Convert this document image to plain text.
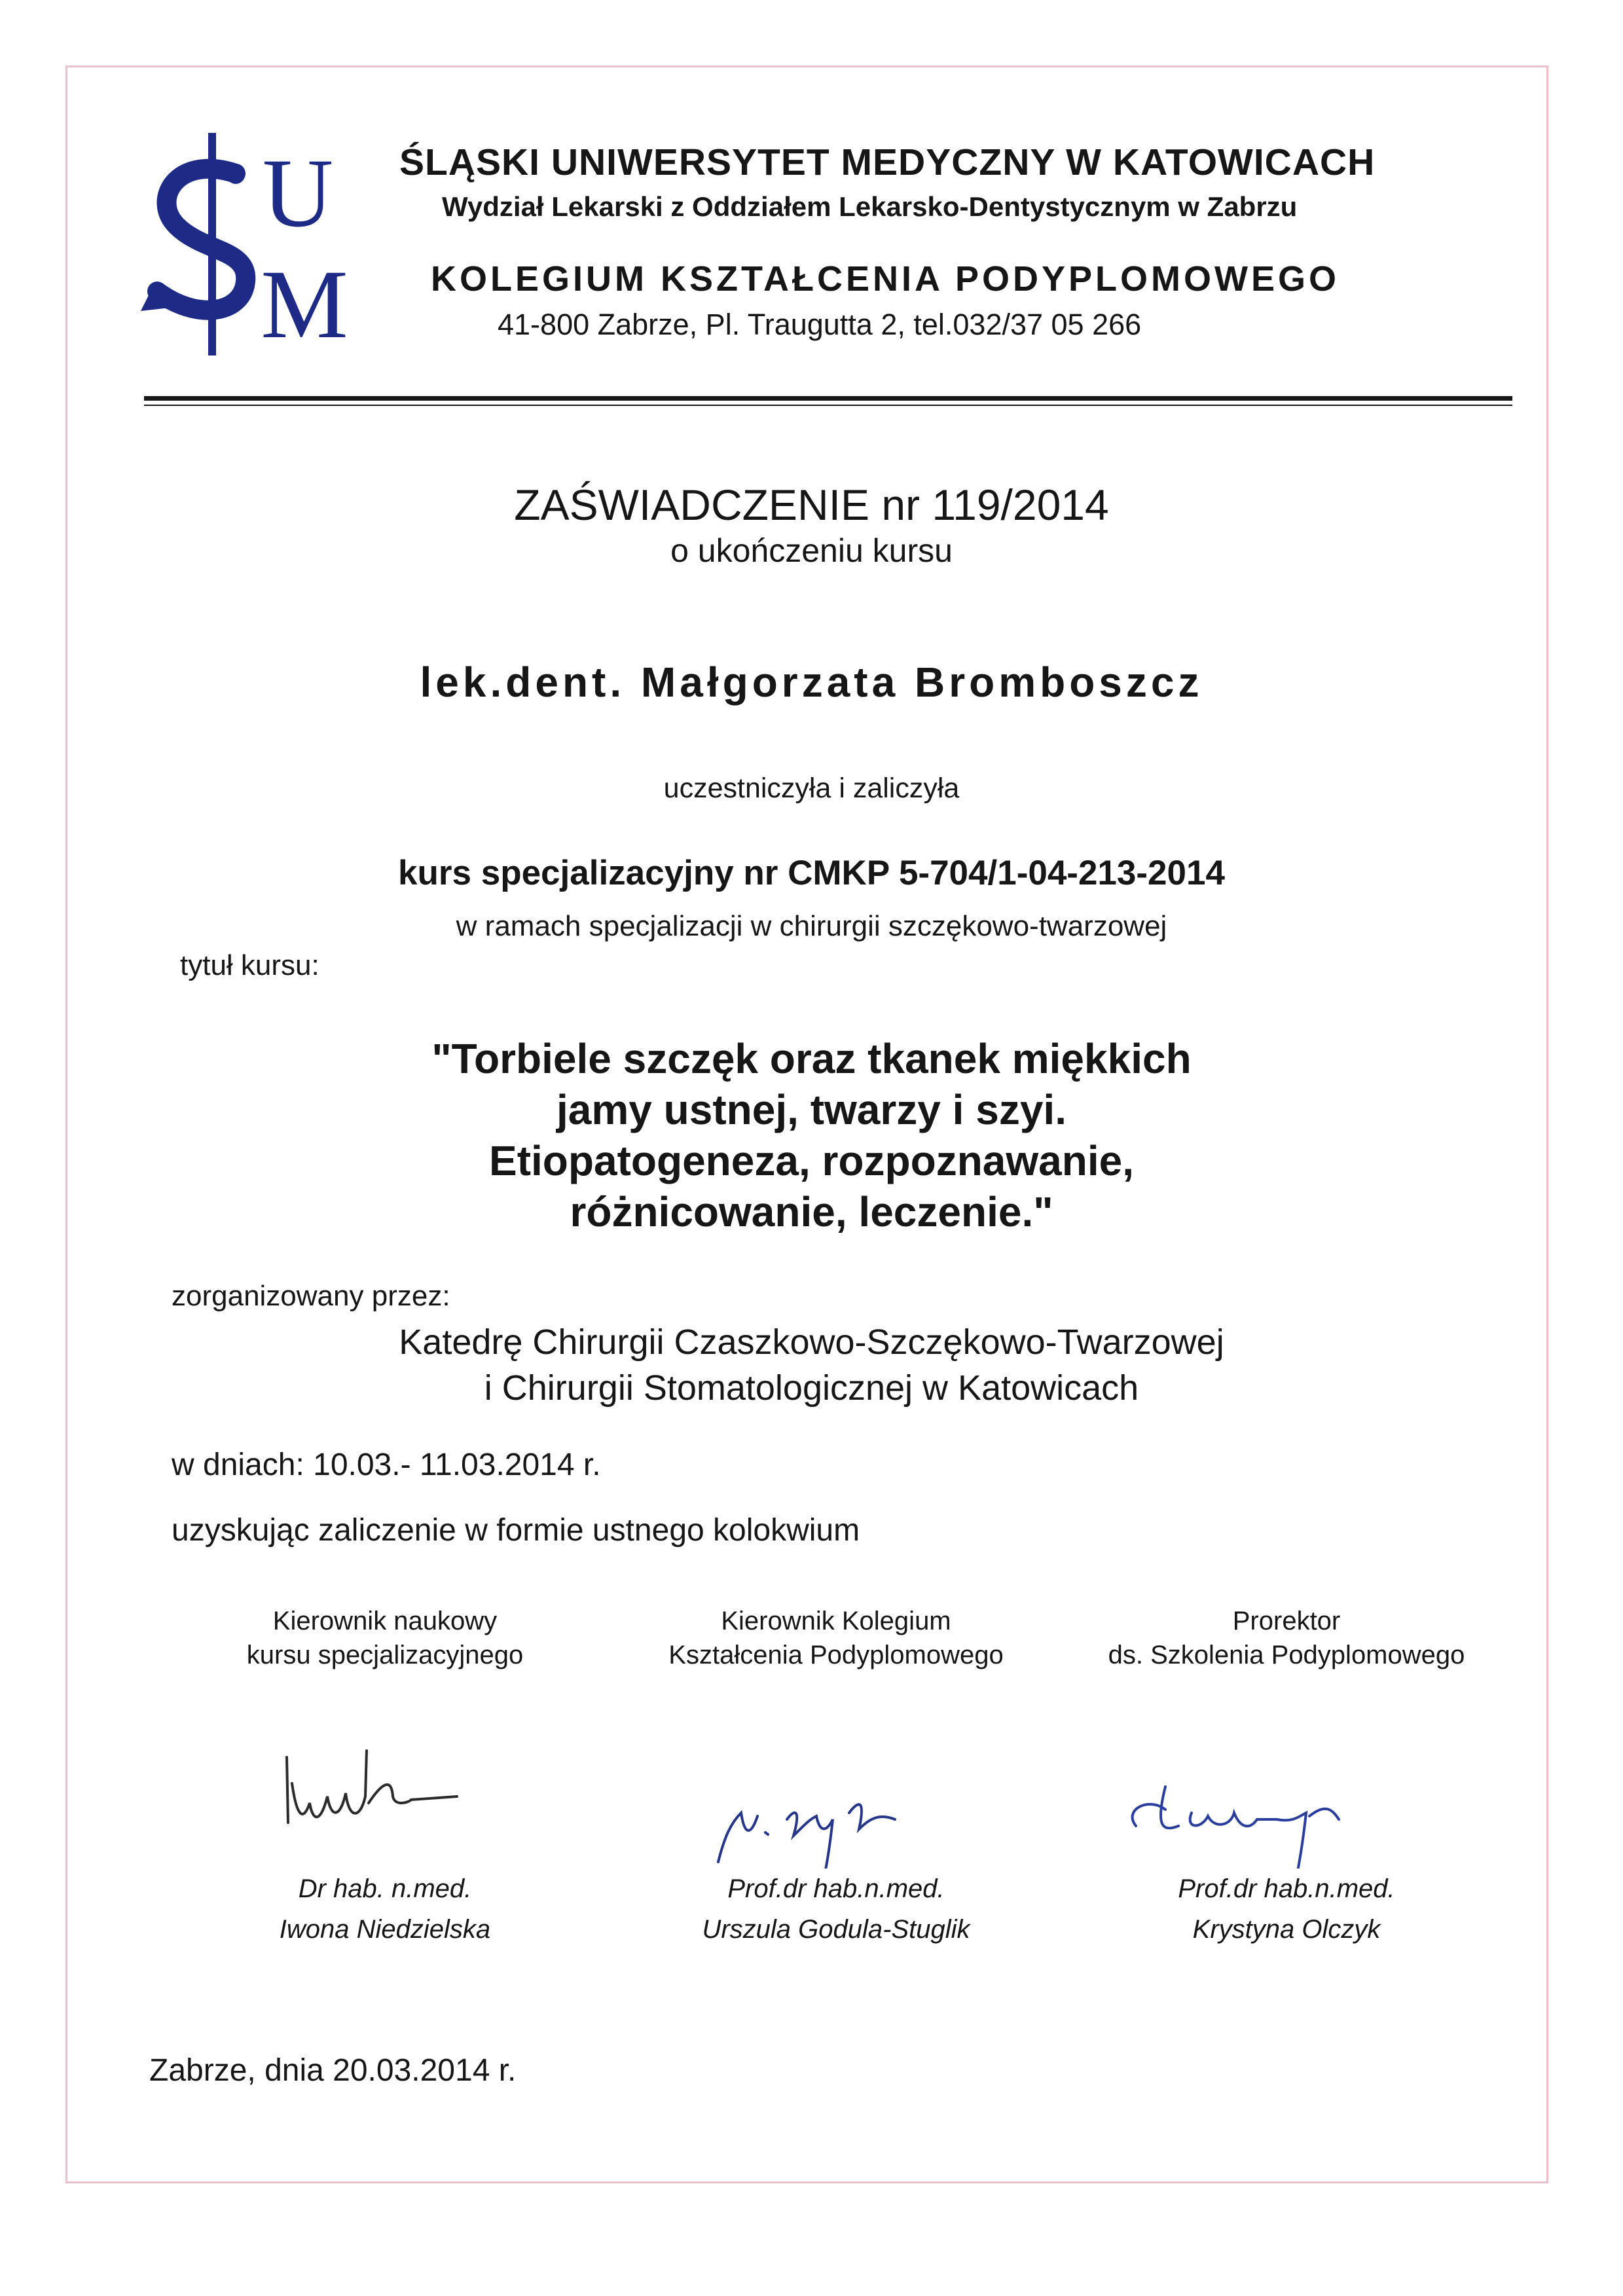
U
M
ŚLĄSKI UNIWERSYTET MEDYCZNY W KATOWICACH
Wydział Lekarski z Oddziałem Lekarsko-Dentystycznym w Zabrzu
KOLEGIUM KSZTAŁCENIA PODYPLOMOWEGO
41-800 Zabrze, Pl. Traugutta 2, tel.032/37 05 266
ZAŚWIADCZENIE nr 119/2014
o ukończeniu kursu
lek.dent. Małgorzata Bromboszcz
uczestniczyła i zaliczyła
kurs specjalizacyjny nr CMKP 5-704/1-04-213-2014
w ramach specjalizacji w chirurgii szczękowo-twarzowej
tytuł kursu:
"Torbiele szczęk oraz tkanek miękkich
jamy ustnej, twarzy i szyi.
Etiopatogeneza, rozpoznawanie,
różnicowanie, leczenie."
zorganizowany przez:
Katedrę Chirurgii Czaszkowo-Szczękowo-Twarzowej
i Chirurgii Stomatologicznej w Katowicach
w dniach: 10.03.- 11.03.2014 r.
uzyskując zaliczenie w formie ustnego kolokwium
Kierownik naukowy
kursu specjalizacyjnego
Dr hab. n.med.
Iwona Niedzielska
Kierownik Kolegium
Kształcenia Podyplomowego
Prof.dr hab.n.med.
Urszula Godula-Stuglik
Prorektor
ds. Szkolenia Podyplomowego
Prof.dr hab.n.med.
Krystyna Olczyk
Zabrze, dnia 20.03.2014 r.
